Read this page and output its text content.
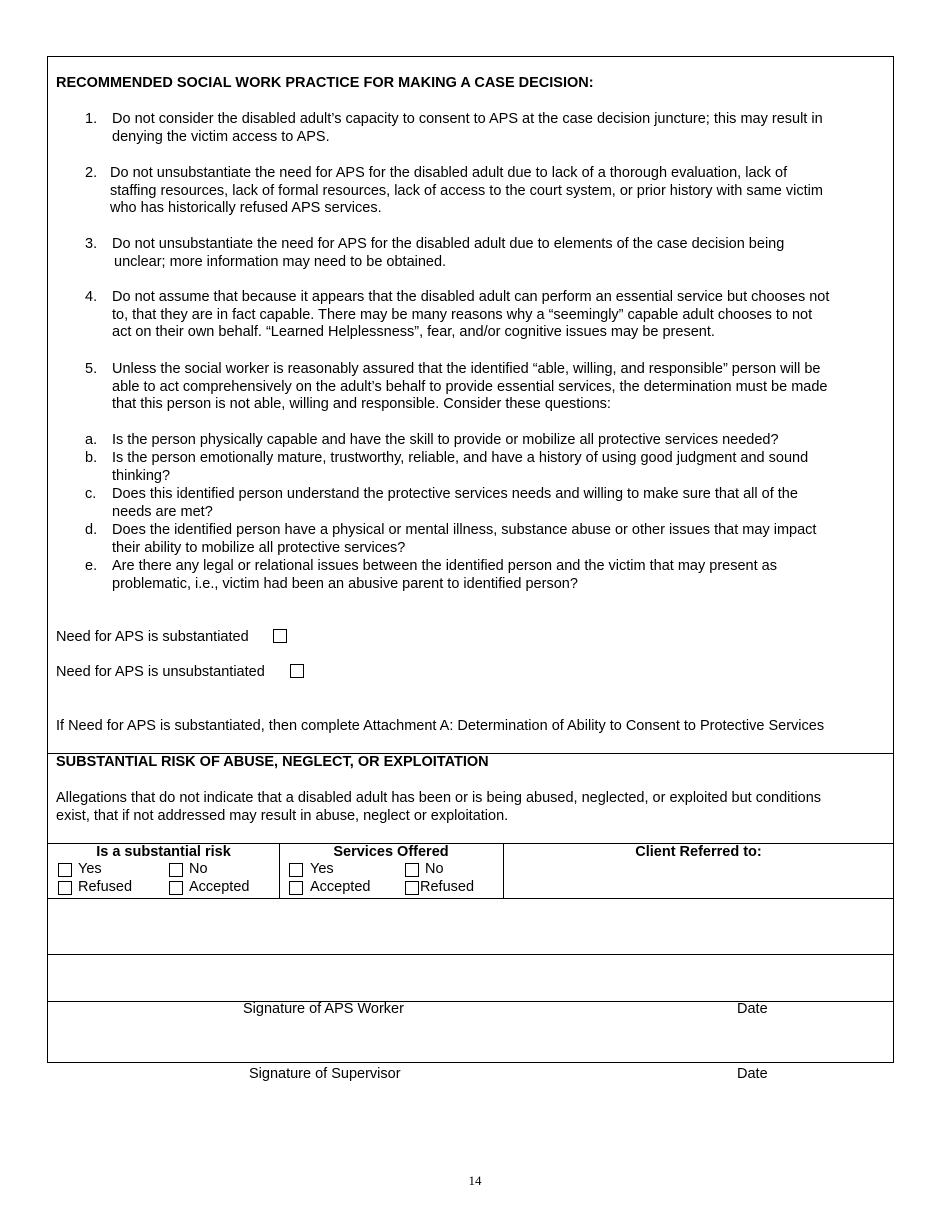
RECOMMENDED SOCIAL WORK PRACTICE FOR MAKING A CASE DECISION:
1. Do not consider the disabled adult’s capacity to consent to APS at the case decision juncture; this may result in
denying the victim access to APS.
2. Do not unsubstantiate the need for APS for the disabled adult due to lack of a thorough evaluation, lack of
staffing resources, lack of formal resources, lack of access to the court system, or prior history with same victim
who has historically refused APS services.
3. Do not unsubstantiate the need for APS for the disabled adult due to elements of the case decision being
unclear; more information may need to be obtained.
4. Do not assume that because it appears that the disabled adult can perform an essential service but chooses not
to, that they are in fact capable. There may be many reasons why a “seemingly” capable adult chooses to not
act on their own behalf. “Learned Helplessness”, fear, and/or cognitive issues may be present.
5. Unless the social worker is reasonably assured that the identified “able, willing, and responsible” person will be
able to act comprehensively on the adult’s behalf to provide essential services, the determination must be made
that this person is not able, willing and responsible. Consider these questions:
a. Is the person physically capable and have the skill to provide or mobilize all protective services needed?
b. Is the person emotionally mature, trustworthy, reliable, and have a history of using good judgment and sound
thinking?
c. Does this identified person understand the protective services needs and willing to make sure that all of the
needs are met?
d. Does the identified person have a physical or mental illness, substance abuse or other issues that may impact
their ability to mobilize all protective services?
e. Are there any legal or relational issues between the identified person and the victim that may present as
problematic, i.e., victim had been an abusive parent to identified person?
Need for APS is substantiated
Need for APS is unsubstantiated
If Need for APS is substantiated, then complete Attachment A: Determination of Ability to Consent to Protective Services
SUBSTANTIAL RISK OF ABUSE, NEGLECT, OR EXPLOITATION
Allegations that do not indicate that a disabled adult has been or is being abused, neglected, or exploited but conditions
exist, that if not addressed may result in abuse, neglect or exploitation.
Is a substantial risk
Yes	No
Refused	Accepted
Services Offered
Yes	No
Accepted	Refused
Client Referred to:
Signature of APS Worker	Date
Signature of Supervisor	Date
14
